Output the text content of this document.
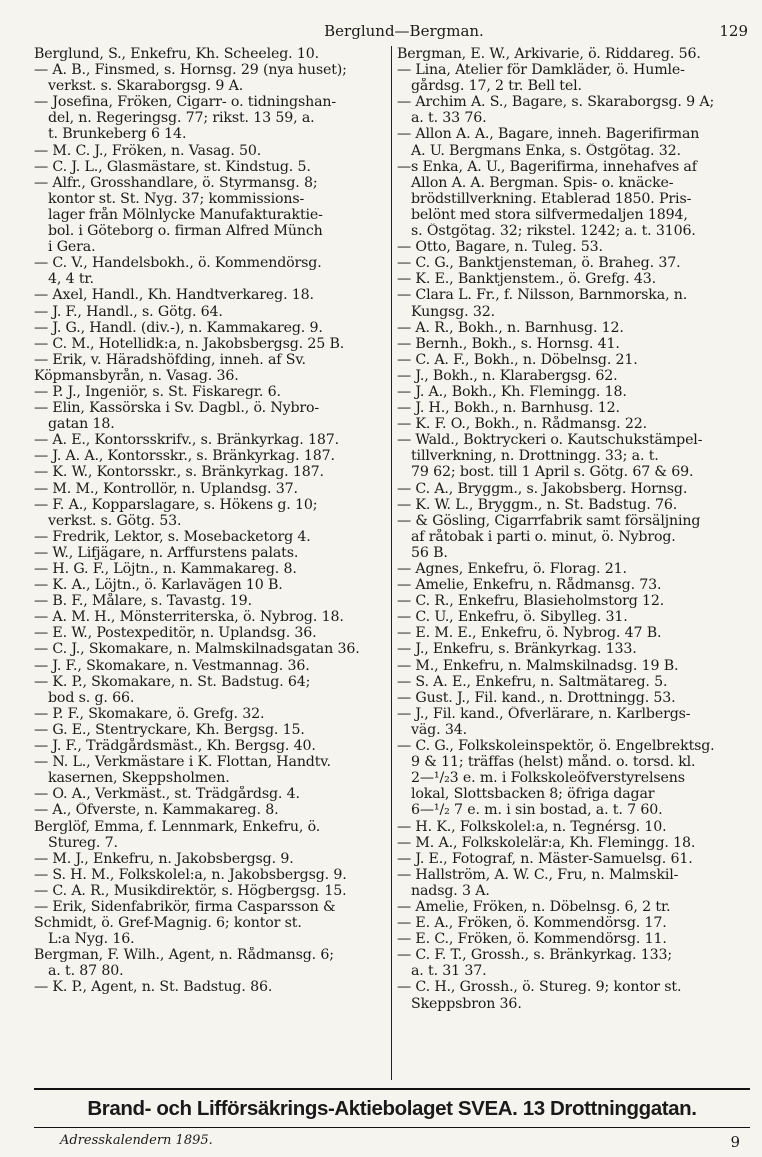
Berglund—Bergman.	129
Berglund, S., Enkefru, Kh. Scheeleg. 10.
— A. B., Finsmed, s. Hornsg. 29 (nya huset);
verkst. s. Skaraborgsg. 9 A.
— Josefina, Fröken, Cigarr- o. tidningshan-
del, n. Regeringsg. 77; rikst. 13 59, a.
t. Brunkeberg 6 14.
— M. C. J., Fröken, n. Vasag. 50.
— C. J. L., Glasmästare, st. Kindstug. 5.
— Alfr., Grosshandlare, ö. Styrmansg. 8;
kontor st. St. Nyg. 37; kommissions-
lager från Mölnlycke Manufakturaktie-
bol. i Göteborg o. firman Alfred Münch
i Gera.
— C. V., Handelsbokh., ö. Kommendörsg.
4, 4 tr.
— Axel, Handl., Kh. Handtverkareg. 18.
— J. F., Handl., s. Götg. 64.
— J. G., Handl. (div.-), n. Kammakareg. 9.
— C. M., Hotellidk:a, n. Jakobsbergsg. 25 B.
— Erik, v. Häradshöfding, inneh. af Sv.
Köpmansbyrån, n. Vasag. 36.
— P. J., Ingeniör, s. St. Fiskaregr. 6.
— Elin, Kassörska i Sv. Dagbl., ö. Nybro-
gatan 18.
— A. E., Kontorsskrifv., s. Bränkyrkag. 187.
— J. A. A., Kontorsskr., s. Bränkyrkag. 187.
— K. W., Kontorsskr., s. Bränkyrkag. 187.
— M. M., Kontrollör, n. Uplandsg. 37.
— F. A., Kopparslagare, s. Hökens g. 10;
verkst. s. Götg. 53.
— Fredrik, Lektor, s. Mosebacketorg 4.
— W., Lifjägare, n. Arffurstens palats.
— H. G. F., Löjtn., n. Kammakareg. 8.
— K. A., Löjtn., ö. Karlavägen 10 B.
— B. F., Målare, s. Tavastg. 19.
— A. M. H., Mönsterriterska, ö. Nybrog. 18.
— E. W., Postexpeditör, n. Uplandsg. 36.
— C. J., Skomakare, n. Malmskilnadsgatan 36.
— J. F., Skomakare, n. Vestmannag. 36.
— K. P., Skomakare, n. St. Badstug. 64;
bod s. g. 66.
— P. F., Skomakare, ö. Grefg. 32.
— G. E., Stentryckare, Kh. Bergsg. 15.
— J. F., Trädgårdsmäst., Kh. Bergsg. 40.
— N. L., Verkmästare i K. Flottan, Handtv.
kasernen, Skeppsholmen.
— O. A., Verkmäst., st. Trädgårdsg. 4.
— A., Öfverste, n. Kammakareg. 8.
Berglöf, Emma, f. Lennmark, Enkefru, ö.
Stureg. 7.
— M. J., Enkefru, n. Jakobsbergsg. 9.
— S. H. M., Folkskolel:a, n. Jakobsbergsg. 9.
— C. A. R., Musikdirektör, s. Högbergsg. 15.
— Erik, Sidenfabrikör, firma Casparsson &
Schmidt, ö. Gref-Magnig. 6; kontor st.
L:a Nyg. 16.
Bergman, F. Wilh., Agent, n. Rådmansg. 6;
a. t. 87 80.
— K. P., Agent, n. St. Badstug. 86.
Bergman, E. W., Arkivarie, ö. Riddareg. 56.
— Lina, Atelier för Damkläder, ö. Humle-
gårdsg. 17, 2 tr. Bell tel.
— Archim A. S., Bagare, s. Skaraborgsg. 9 A;
a. t. 33 76.
— Allon A. A., Bagare, inneh. Bagerifirman
A. U. Bergmans Enka, s. Östgötag. 32.
—s Enka, A. U., Bagerifirma, innehafves af
Allon A. A. Bergman. Spis- o. knäcke-
brödstillverkning. Etablerad 1850. Pris-
belönt med stora silfvermedaljen 1894,
s. Östgötag. 32; rikstel. 1242; a. t. 3106.
— Otto, Bagare, n. Tuleg. 53.
— C. G., Banktjensteman, ö. Braheg. 37.
— K. E., Banktjenstem., ö. Grefg. 43.
— Clara L. Fr., f. Nilsson, Barnmorska, n.
Kungsg. 32.
— A. R., Bokh., n. Barnhusg. 12.
— Bernh., Bokh., s. Hornsg. 41.
— C. A. F., Bokh., n. Döbelnsg. 21.
— J., Bokh., n. Klarabergsg. 62.
— J. A., Bokh., Kh. Flemingg. 18.
— J. H., Bokh., n. Barnhusg. 12.
— K. F. O., Bokh., n. Rådmansg. 22.
— Wald., Boktryckeri o. Kautschukstämpel-
tillverkning, n. Drottningg. 33; a. t.
79 62; bost. till 1 April s. Götg. 67 & 69.
— C. A., Bryggm., s. Jakobsberg. Hornsg.
— K. W. L., Bryggm., n. St. Badstug. 76.
— & Gösling, Cigarrfabrik samt försäljning
af råtobak i parti o. minut, ö. Nybrog.
56 B.
— Agnes, Enkefru, ö. Florag. 21.
— Amelie, Enkefru, n. Rådmansg. 73.
— C. R., Enkefru, Blasieholmstorg 12.
— C. U., Enkefru, ö. Sibylleg. 31.
— E. M. E., Enkefru, ö. Nybrog. 47 B.
— J., Enkefru, s. Bränkyrkag. 133.
— M., Enkefru, n. Malmskilnadsg. 19 B.
— S. A. E., Enkefru, n. Saltmätareg. 5.
— Gust. J., Fil. kand., n. Drottningg. 53.
— J., Fil. kand., Öfverlärare, n. Karlbergs-
väg. 34.
— C. G., Folkskoleinspektör, ö. Engelbrektsg.
9 & 11; träffas (helst) månd. o. torsd. kl.
2—¹/₂3 e. m. i Folkskoleöfverstyrelsens
lokal, Slottsbacken 8; öfriga dagar
6—¹/₂ 7 e. m. i sin bostad, a. t. 7 60.
— H. K., Folkskolel:a, n. Tegnérsg. 10.
— M. A., Folkskolelär:a, Kh. Flemingg. 18.
— J. E., Fotograf, n. Mäster-Samuelsg. 61.
— Hallström, A. W. C., Fru, n. Malmskil-
nadsg. 3 A.
— Amelie, Fröken, n. Döbelnsg. 6, 2 tr.
— E. A., Fröken, ö. Kommendörsg. 17.
— E. C., Fröken, ö. Kommendörsg. 11.
— C. F. T., Grossh., s. Bränkyrkag. 133;
a. t. 31 37.
— C. H., Grossh., ö. Stureg. 9; kontor st.
Skeppsbron 36.
Brand- och Lifförsäkrings-Aktiebolaget SVEA. 13 Drottninggatan.
Adresskalendern 1895.	9
